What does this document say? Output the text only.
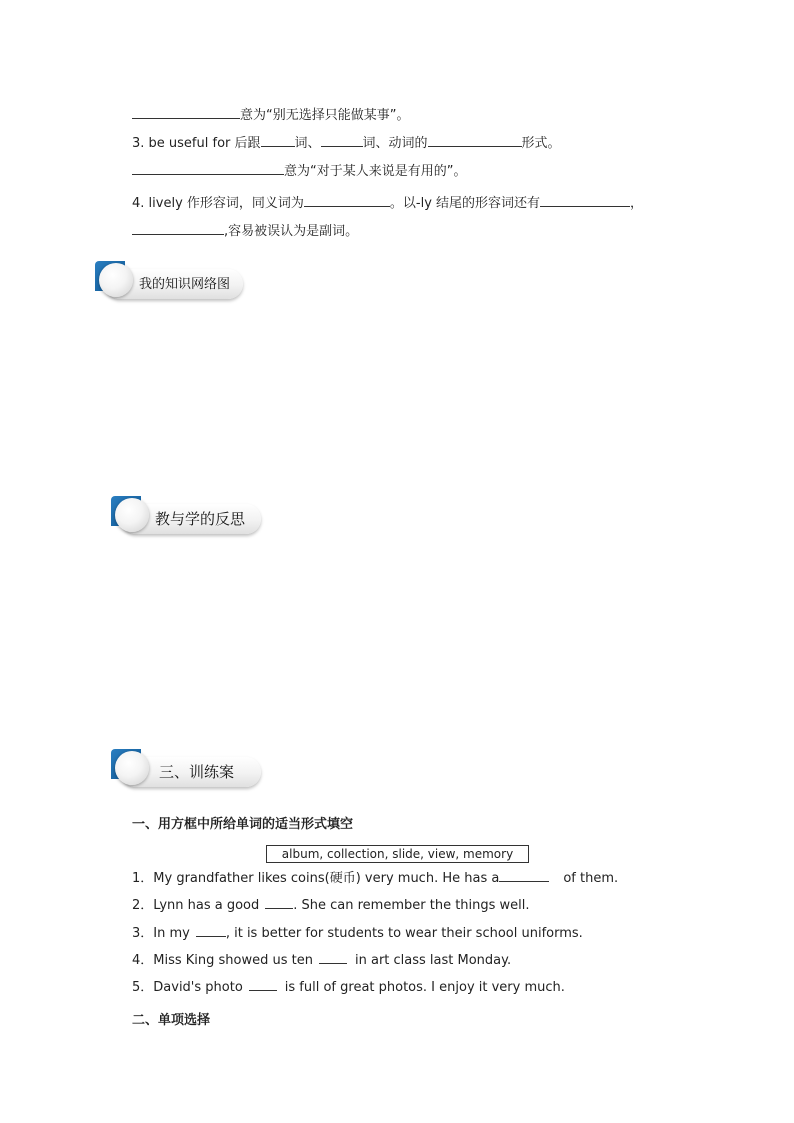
意为“别无选择只能做某事”。
3. be useful for 后跟	词、	词、动词的	形式。
意为“对于某人来说是有用的”。
4. lively 作形容词，同义词为	。以-ly 结尾的形容词还有	，
,容易被误认为是副词。
我的知识网络图
教与学的反思
三、训练案
一、用方框中所给单词的适当形式填空
album, collection, slide, view, memory
1．My grandfather likes coins(硬币) very much. He has a	of them.
2．Lynn has a good	. She can remember the things well.
3．In my	, it is better for students to wear their school uniforms.
4．Miss King showed us ten	in art class last Monday.
5．David's photo	is full of great photos. I enjoy it very much.
二、单项选择
